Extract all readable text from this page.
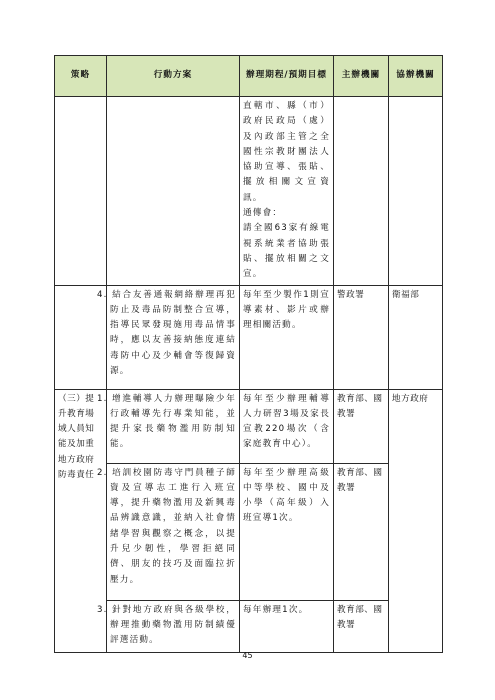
策略	行動方案	辦理期程/預期目標	主辦機關	協辦機關

		直轄市、縣（市）政府民政局（處）及內政部主管之全國性宗教財團法人協助宣導、張貼、擺放相關文宣資訊。
通傳會：
請全國63家有線電視系統業者協助張貼、擺放相關之文宣。		

	4. 結合友善通報網絡辦理再犯防止及毒品防制整合宣導，指導民眾發現施用毒品情事時，應以友善接納態度連結毒防中心及少輔會等復歸資源。	每年至少製作1則宣導素材、影片或辦理相關活動。	警政署	衛福部
（三）提升教育場域人員知能及加重地方政府防毒責任	1. 增進輔導人力辦理曝險少年行政輔導先行專業知能，並提升家長藥物濫用防制知能。	每年至少辦理輔導人力研習3場及家長宣教220場次（含家庭教育中心）。	教育部、國教署	地方政府
	2. 培訓校園防毒守門員種子師資及宣導志工進行入班宣導，提升藥物濫用及新興毒品辨識意識，並納入社會情緒學習與觀察之概念，以提升兒少韌性，學習拒絕同儕、朋友的技巧及面臨拉折壓力。	每年至少辦理高級中等學校、國中及小學（高年級）入班宣導1次。	教育部、國教署	
	3. 針對地方政府與各級學校，辦理推動藥物濫用防制績優評選活動。	每年辦理1次。	教育部、國教署	
45
